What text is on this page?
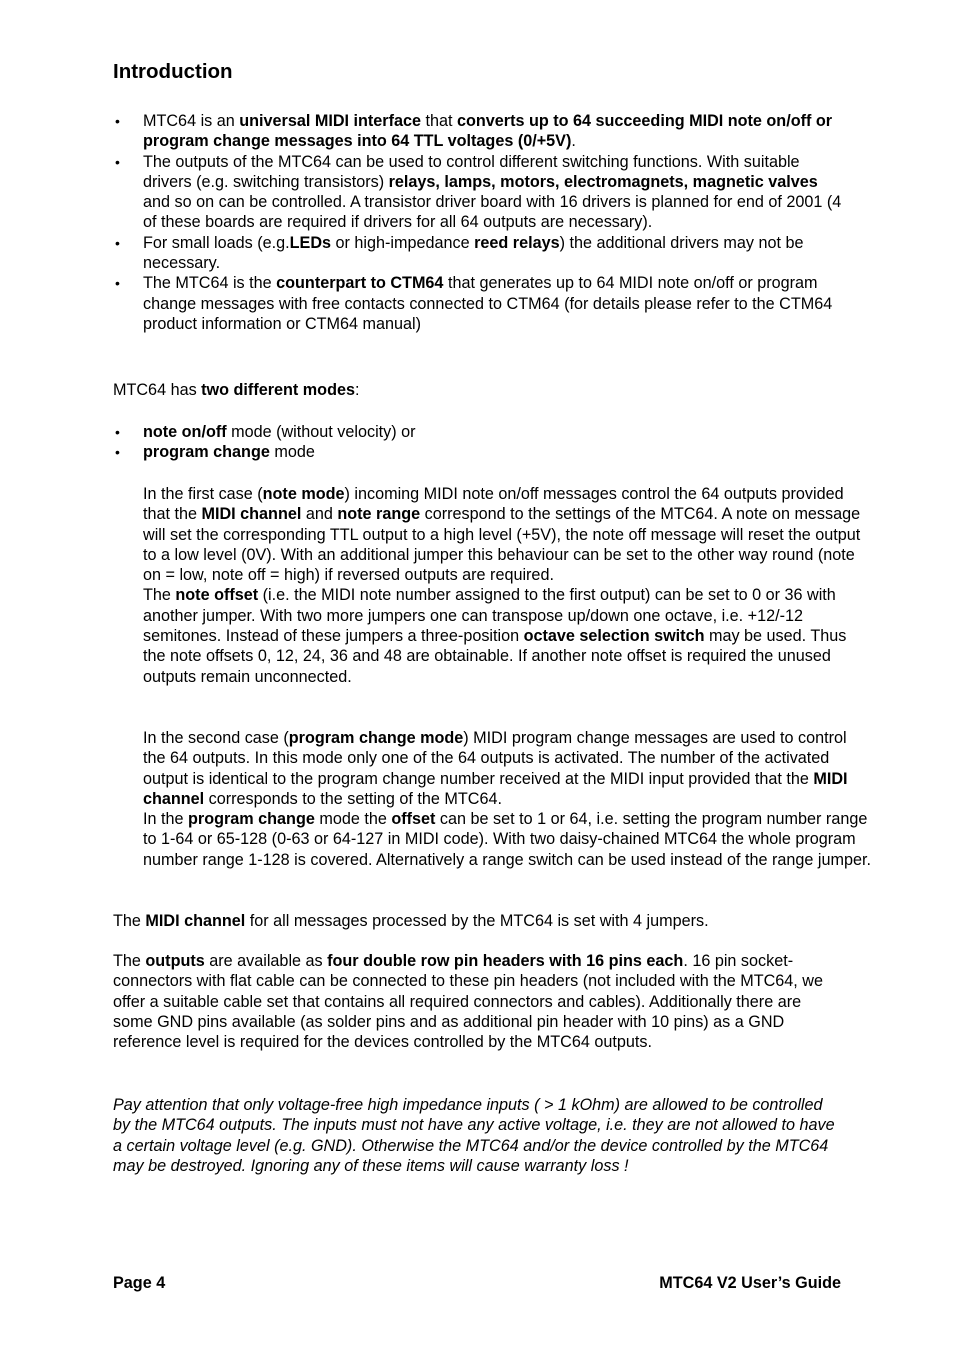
Introduction
• MTC64 is an universal MIDI interface that converts up to 64 succeeding MIDI note on/off or program change messages into 64 TTL voltages (0/+5V).
• The outputs of the MTC64 can be used to control different switching functions. With suitable drivers (e.g. switching transistors) relays, lamps, motors, electromagnets, magnetic valves and so on can be controlled. A transistor driver board with 16 drivers is planned for end of 2001 (4 of these boards are required if drivers for all 64 outputs are necessary).
• For small loads (e.g.LEDs or high-impedance reed relays) the additional drivers may not be necessary.
• The MTC64 is the counterpart to CTM64 that generates up to 64 MIDI note on/off or program change messages with free contacts connected to CTM64 (for details please refer to the CTM64 product information or CTM64 manual)

MTC64 has two different modes:

• note on/off mode (without velocity) or
• program change mode

In the first case (note mode) incoming MIDI note on/off messages control the 64 outputs provided that the MIDI channel and note range correspond to the settings of the MTC64. A note on message will set the corresponding TTL output to a high level (+5V), the note off message will reset the output to a low level (0V). With an additional jumper this behaviour can be set to the other way round (note on = low, note off = high) if reversed outputs are required.

The note offset (i.e. the MIDI note number assigned to the first output) can be set to 0 or 36 with another jumper. With two more jumpers one can transpose up/down one octave, i.e. +12/-12 semitones. Instead of these jumpers a three-position octave selection switch may be used. Thus the note offsets 0, 12, 24, 36 and 48 are obtainable. If another note offset is required the unused outputs remain unconnected.

In the second case (program change mode) MIDI program change messages are used to control the 64 outputs. In this mode only one of the 64 outputs is activated. The number of the activated output is identical to the program change number received at the MIDI input provided that the MIDI channel corresponds to the setting of the MTC64.

In the program change mode the offset can be set to 1 or 64, i.e. setting the program number range to 1-64 or 65-128 (0-63 or 64-127 in MIDI code). With two daisy-chained MTC64 the whole program number range 1-128 is covered. Alternatively a range switch can be used instead of the range jumper.

The MIDI channel for all messages processed by the MTC64 is set with 4 jumpers.

The outputs are available as four double row pin headers with 16 pins each. 16 pin socket-connectors with flat cable can be connected to these pin headers (not included with the MTC64, we offer a suitable cable set that contains all required connectors and cables). Additionally there are some GND pins available (as solder pins and as additional pin header with 10 pins) as a GND reference level is required for the devices controlled by the MTC64 outputs.

Pay attention that only voltage-free high impedance inputs ( > 1 kOhm) are allowed to be controlled by the MTC64 outputs. The inputs must not have any active voltage, i.e. they are not allowed to have a certain voltage level (e.g. GND). Otherwise the MTC64 and/or the device controlled by the MTC64 may be destroyed. Ignoring any of these items will cause warranty loss !

Page 4	MTC64 V2 User’s Guide
